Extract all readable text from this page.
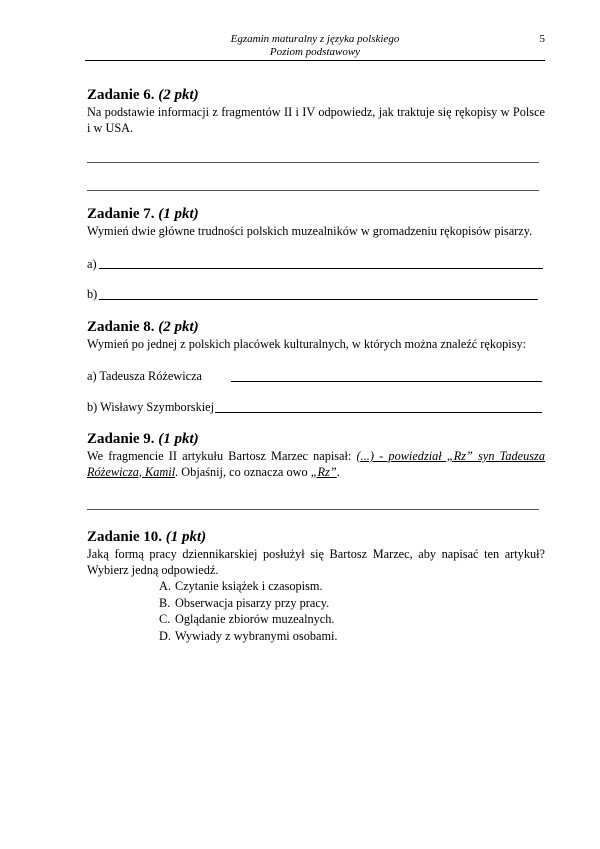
Egzamin maturalny z języka polskiego
Poziom podstawowy
5
Zadanie 6. (2 pkt)
Na podstawie informacji z fragmentów II i IV odpowiedz, jak traktuje się rękopisy w Polsce i w USA.
Zadanie 7. (1 pkt)
Wymień dwie główne trudności polskich muzealników w gromadzeniu rękopisów pisarzy.
a)
b)
Zadanie 8. (2 pkt)
Wymień po jednej z polskich placówek kulturalnych, w których można znaleźć rękopisy:
a) Tadeusza Różewicza
b) Wisławy Szymborskiej
Zadanie 9. (1 pkt)
We fragmencie II artykułu Bartosz Marzec napisał: (...) - powiedział „Rz” syn Tadeusza Różewicza, Kamil. Objaśnij, co oznacza owo „Rz”.
Zadanie 10. (1 pkt)
Jaką formą pracy dziennikarskiej posłużył się Bartosz Marzec, aby napisać ten artykuł? Wybierz jedną odpowiedź.
A. Czytanie książek i czasopism.
B. Obserwacja pisarzy przy pracy.
C. Oglądanie zbiorów muzealnych.
D. Wywiady z wybranymi osobami.
